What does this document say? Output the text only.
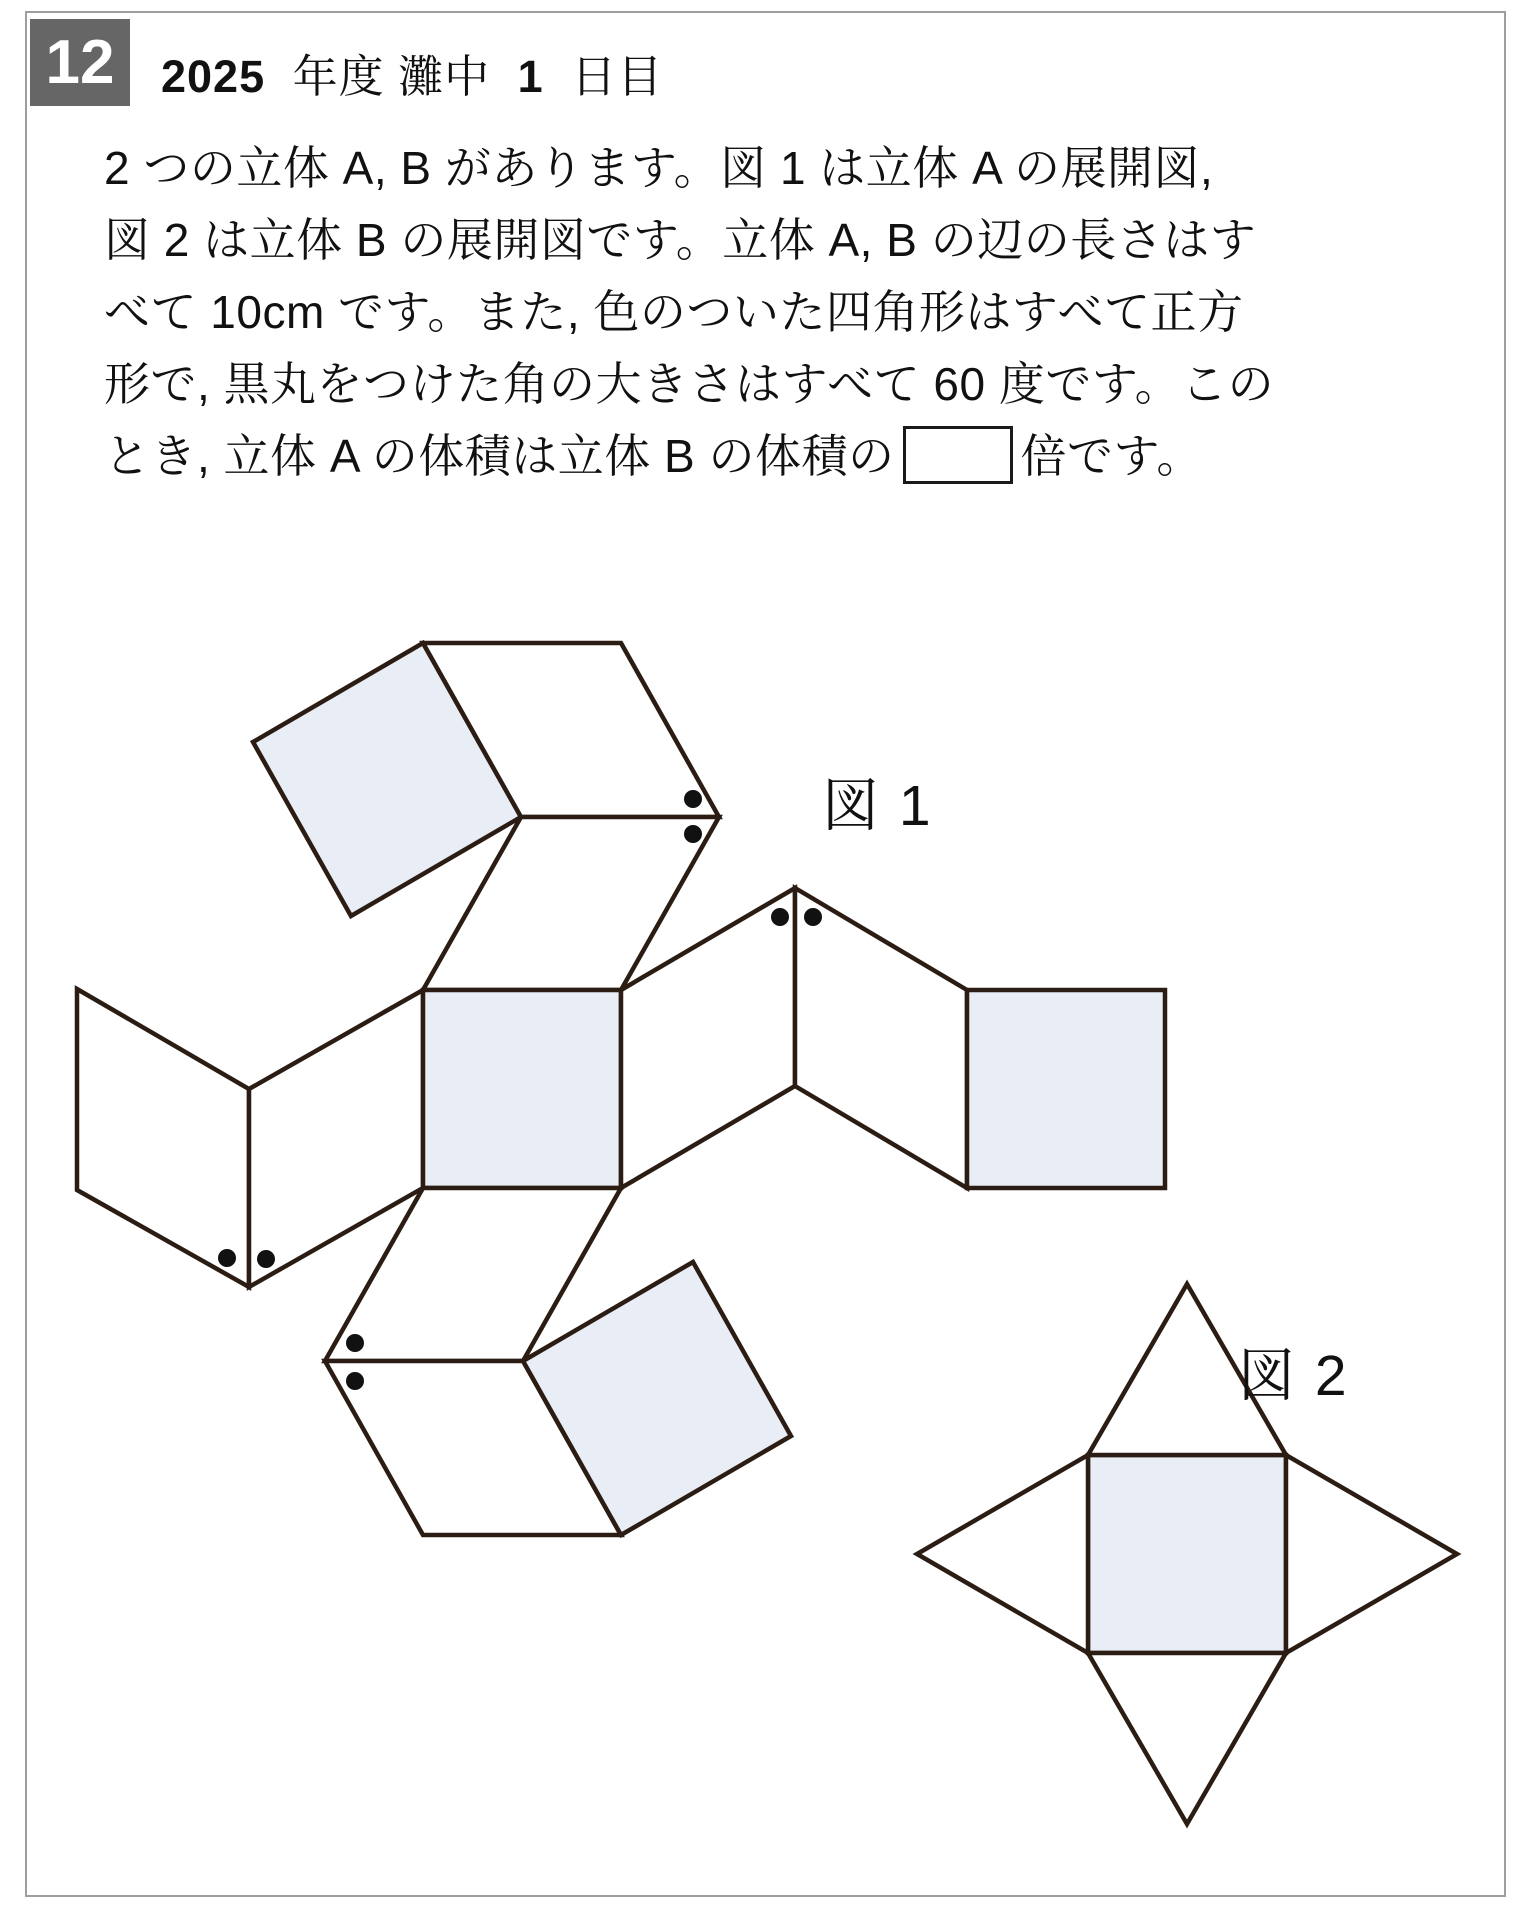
12 2025 年度 灘中 1 日目
2 つの立体 A, B があります。図 1 は立体 A の展開図,
図 2 は立体 B の展開図です。立体 A, B の辺の長さはす
べて 10cm です。また, 色のついた四角形はすべて正方
形で, 黒丸をつけた角の大きさはすべて 60 度です。この
とき, 立体 A の体積は立体 B の体積の	倍です。
図 1
図 2
